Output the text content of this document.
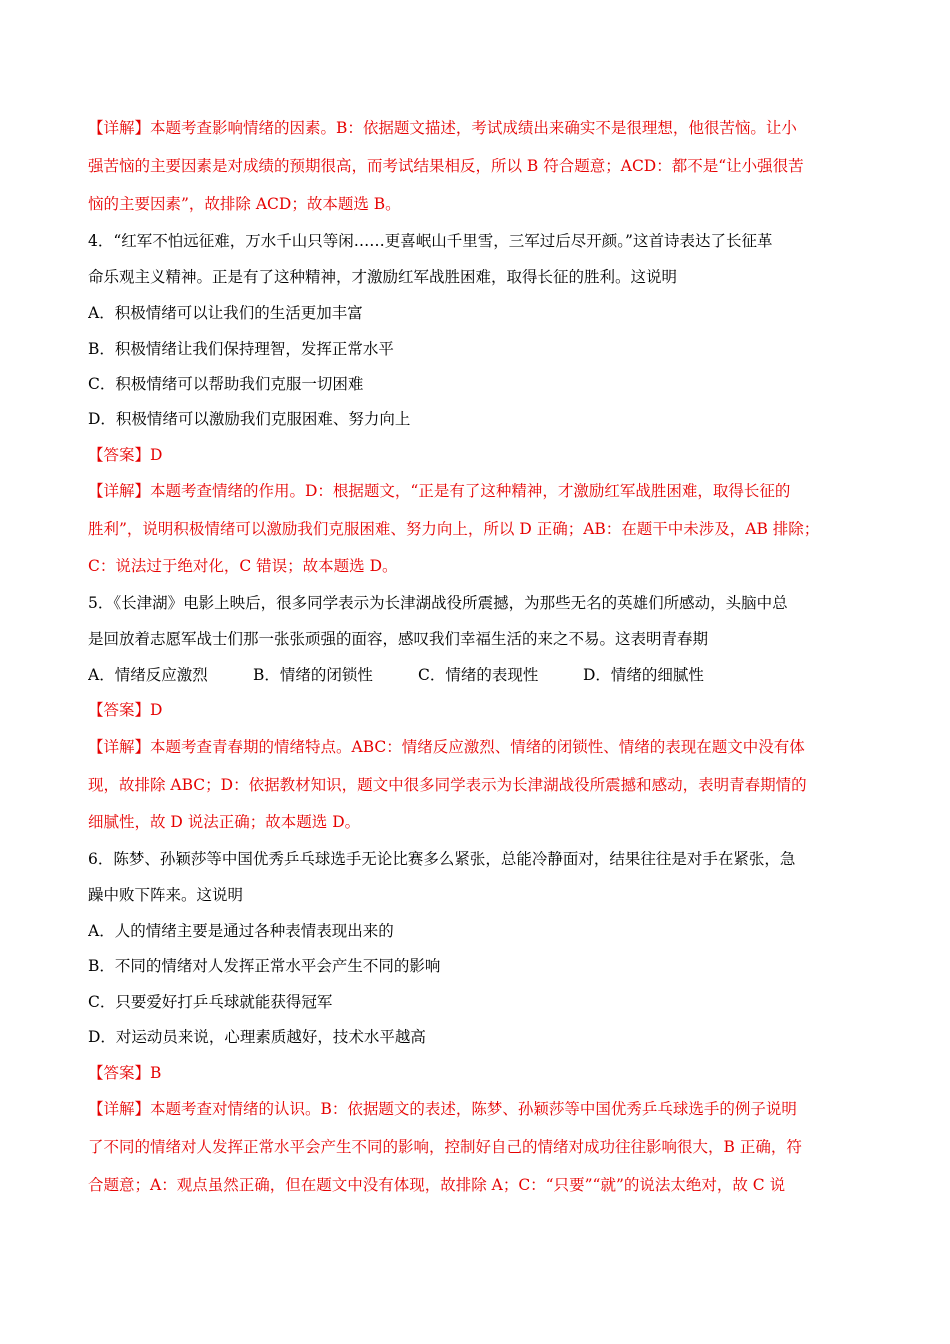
【详解】本题考查影响情绪的因素。B：依据题文描述，考试成绩出来确实不是很理想，他很苦恼。让小
强苦恼的主要因素是对成绩的预期很高，而考试结果相反，所以 B 符合题意；ACD：都不是“让小强很苦
恼的主要因素”，故排除 ACD；故本题选 B。
4．“红军不怕远征难，万水千山只等闲……更喜岷山千里雪，三军过后尽开颜。”这首诗表达了长征革
命乐观主义精神。正是有了这种精神，才激励红军战胜困难，取得长征的胜利。这说明
A．积极情绪可以让我们的生活更加丰富
B．积极情绪让我们保持理智，发挥正常水平
C．积极情绪可以帮助我们克服一切困难
D．积极情绪可以激励我们克服困难、努力向上
【答案】D
【详解】本题考查情绪的作用。D：根据题文，“正是有了这种精神，才激励红军战胜困难，取得长征的
胜利”，说明积极情绪可以激励我们克服困难、努力向上，所以 D 正确；AB：在题干中未涉及，AB 排除；
C：说法过于绝对化，C 错误；故本题选 D。
5．《长津湖》电影上映后，很多同学表示为长津湖战役所震撼，为那些无名的英雄们所感动，头脑中总
是回放着志愿军战士们那一张张顽强的面容，感叹我们幸福生活的来之不易。这表明青春期
A．情绪反应激烈	B．情绪的闭锁性	C．情绪的表现性	D．情绪的细腻性
【答案】D
【详解】本题考查青春期的情绪特点。ABC：情绪反应激烈、情绪的闭锁性、情绪的表现在题文中没有体
现，故排除 ABC；D：依据教材知识，题文中很多同学表示为长津湖战役所震撼和感动，表明青春期情的
细腻性，故 D 说法正确；故本题选 D。
6．陈梦、孙颖莎等中国优秀乒乓球选手无论比赛多么紧张，总能冷静面对，结果往往是对手在紧张，急
躁中败下阵来。这说明
A．人的情绪主要是通过各种表情表现出来的
B．不同的情绪对人发挥正常水平会产生不同的影响
C．只要爱好打乒乓球就能获得冠军
D．对运动员来说，心理素质越好，技术水平越高
【答案】B
【详解】本题考查对情绪的认识。B：依据题文的表述，陈梦、孙颖莎等中国优秀乒乓球选手的例子说明
了不同的情绪对人发挥正常水平会产生不同的影响，控制好自己的情绪对成功往往影响很大，B 正确，符
合题意；A：观点虽然正确，但在题文中没有体现，故排除 A；C：“只要”“就”的说法太绝对，故 C 说
